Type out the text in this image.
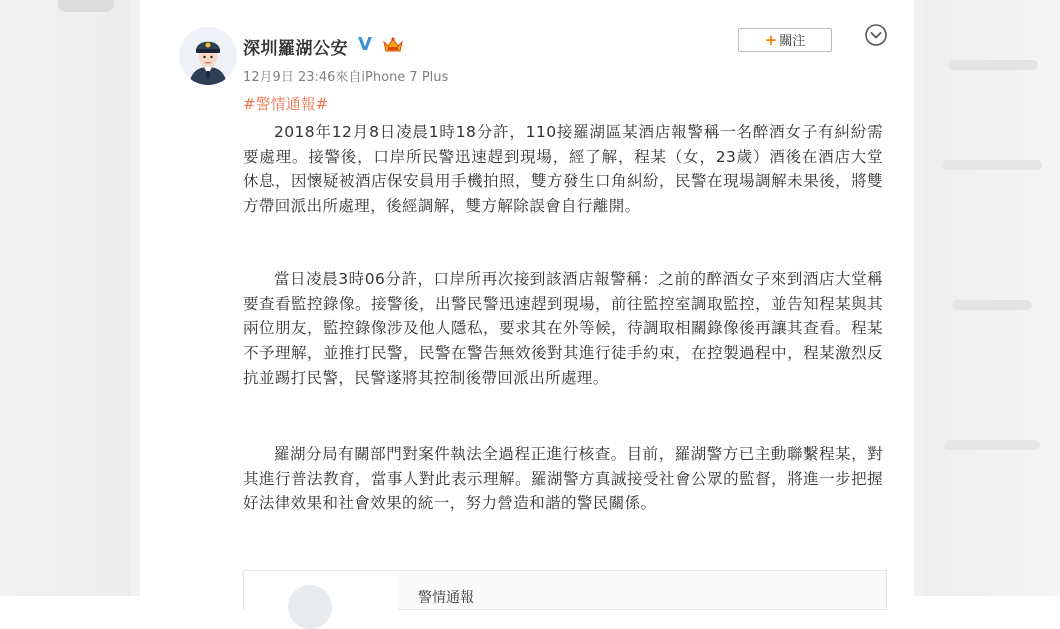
深圳羅湖公安 V
12月9日 23:46來自iPhone 7 Plus
+ 關注
#警情通報#

2018年12月8日凌晨1時18分許，110接羅湖區某酒店報警稱一名醉酒女子有糾紛需要處理。接警後，口岸所民警迅速趕到現場，經了解，程某（女，23歲）酒後在酒店大堂休息，因懷疑被酒店保安員用手機拍照，雙方發生口角糾紛，民警在現場調解未果後，將雙方帶回派出所處理，後經調解，雙方解除誤會自行離開。

當日凌晨3時06分許，口岸所再次接到該酒店報警稱：之前的醉酒女子來到酒店大堂稱要查看監控錄像。接警後，出警民警迅速趕到現場，前往監控室調取監控，並告知程某與其兩位朋友，監控錄像涉及他人隱私，要求其在外等候，待調取相關錄像後再讓其查看。程某不予理解，並推打民警，民警在警告無效後對其進行徒手約束，在控製過程中，程某激烈反抗並踢打民警，民警遂將其控制後帶回派出所處理。

羅湖分局有關部門對案件執法全過程正進行核查。目前，羅湖警方已主動聯繫程某，對其進行普法教育，當事人對此表示理解。羅湖警方真誠接受社會公眾的監督，將進一步把握好法律效果和社會效果的統一，努力營造和諧的警民關係。

警情通報
